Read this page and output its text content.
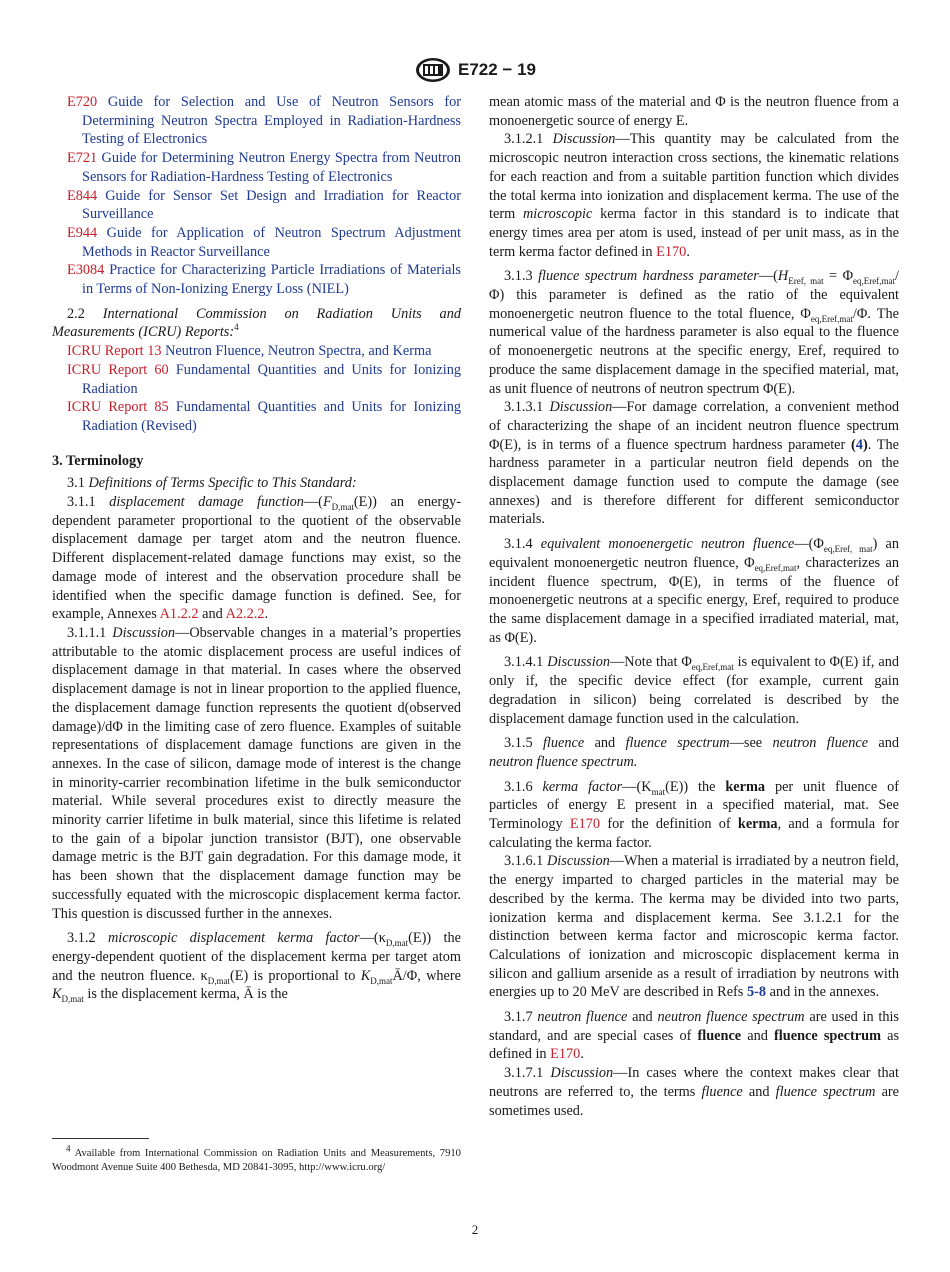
E722 − 19

E720 Guide for Selection and Use of Neutron Sensors for Determining Neutron Spectra Employed in Radiation-Hardness Testing of Electronics

E721 Guide for Determining Neutron Energy Spectra from Neutron Sensors for Radiation-Hardness Testing of Electronics

E844 Guide for Sensor Set Design and Irradiation for Reactor Surveillance

E944 Guide for Application of Neutron Spectrum Adjustment Methods in Reactor Surveillance

E3084 Practice for Characterizing Particle Irradiations of Materials in Terms of Non-Ionizing Energy Loss (NIEL)

2.2 International Commission on Radiation Units and Measurements (ICRU) Reports:$^4$

ICRU Report 13 Neutron Fluence, Neutron Spectra, and Kerma

ICRU Report 60 Fundamental Quantities and Units for Ionizing Radiation

ICRU Report 85 Fundamental Quantities and Units for Ionizing Radiation (Revised)

3. Terminology

3.1 Definitions of Terms Specific to This Standard:

3.1.1 displacement damage $function—(F_{D,mat}(E))$ an energy-dependent parameter proportional to the quotient of the observable displacement damage per target atom and the neutron fluence. Different displacement-related damage functions may exist, so the damage mode of interest and the observation procedure shall be identified when the specific damage function is defined. See, for example, Annexes A1.2.2 and A2.2.2.

3.1.1.1 Discussion—Observable changes in a material’s properties attributable to the atomic displacement process are useful indices of displacement damage in that material. In cases where the observed displacement damage is not in linear proportion to the applied fluence, the displacement damage function represents the quotient d(observed damage)/dΦ in the limiting case of zero fluence. Examples of suitable representations of displacement damage functions are given in the annexes. In the case of silicon, damage mode of interest is the change in minority-carrier recombination lifetime in the bulk semiconductor material. While several procedures exist to directly measure the minority carrier lifetime in bulk material, since this lifetime is related to the gain of a bipolar junction transistor (BJT), one observable damage metric is the BJT gain degradation. For this damage mode, it has been shown that the displacement damage function may be successfully equated with the microscopic displacement kerma factor. This question is discussed further in the annexes.

3.1.2 microscopic displacement kerma $factor—(\kappa_{D,mat}(E))$ the energy-dependent quotient of the displacement kerma per target atom and the neutron fluence. $\kappa_{D,mat}(E)$ is proportional to $K_{D,mat}Ā/\Phi$, where $K_{D,mat}$ is the displacement kerma, Ā is the

mean atomic mass of the material and Φ is the neutron fluence from a monoenergetic source of energy E.

3.1.2.1 Discussion—This quantity may be calculated from the microscopic neutron interaction cross sections, the kinematic relations for each reaction and from a suitable partition function which divides the total kerma into ionization and displacement kerma. The use of the term microscopic kerma factor in this standard is to indicate that energy times area per atom is used, instead of per unit mass, as in the term kerma factor defined in E170.

3.1.3 fluence spectrum hardness $parameter—(H_{Eref, mat} = \Phi_{eq,Eref,mat}/\Phi)$ this parameter is defined as the ratio of the equivalent monoenergetic neutron fluence to the total fluence, $\Phi_{eq,Eref,mat}/\Phi$. The numerical value of the hardness parameter is also equal to the fluence of monoenergetic neutrons at the specific energy, Eref, required to produce the same displacement damage in the specified material, mat, as unit fluence of neutrons of neutron spectrum Φ(E).

3.1.3.1 Discussion—For damage correlation, a convenient method of characterizing the shape of an incident neutron fluence spectrum Φ(E), is in terms of a fluence spectrum hardness parameter (4). The hardness parameter in a particular neutron field depends on the displacement damage function used to compute the damage (see annexes) and is therefore different for different semiconductor materials.

3.1.4 equivalent monoenergetic neutron $fluence—(\Phi_{eq,Eref, mat})$ an equivalent monoenergetic neutron fluence, $\Phi_{eq,Eref,mat}$, characterizes an incident fluence spectrum, Φ(E), in terms of the fluence of monoenergetic neutrons at a specific energy, Eref, required to produce the same displacement damage in a specified irradiated material, mat, as Φ(E).

3.1.4.1 Discussion—Note that $\Phi_{eq,Eref,mat}$ is equivalent to Φ(E) if, and only if, the specific device effect (for example, current gain degradation in silicon) being correlated is described by the displacement damage function used in the calculation.

3.1.5 fluence and fluence spectrum—see neutron fluence and neutron fluence spectrum.

3.1.6 kerma $factor—(K_{mat}(E))$ the kerma per unit fluence of particles of energy E present in a specified material, mat. See Terminology E170 for the definition of kerma, and a formula for calculating the kerma factor.

3.1.6.1 Discussion—When a material is irradiated by a neutron field, the energy imparted to charged particles in the material may be described by the kerma. The kerma may be divided into two parts, ionization kerma and displacement kerma. See 3.1.2.1 for the distinction between kerma factor and microscopic kerma factor. Calculations of ionization and microscopic displacement kerma in silicon and gallium arsenide as a result of irradiation by neutrons with energies up to 20 MeV are described in Refs 5-8 and in the annexes.

3.1.7 neutron fluence and neutron fluence spectrum are used in this standard, and are special cases of fluence and fluence spectrum as defined in E170.

3.1.7.1 Discussion—In cases where the context makes clear that neutrons are referred to, the terms fluence and fluence spectrum are sometimes used.

$^4$ Available from International Commission on Radiation Units and Measurements, 7910 Woodmont Avenue Suite 400 Bethesda, MD 20841-3095, http://www.icru.org/

2
